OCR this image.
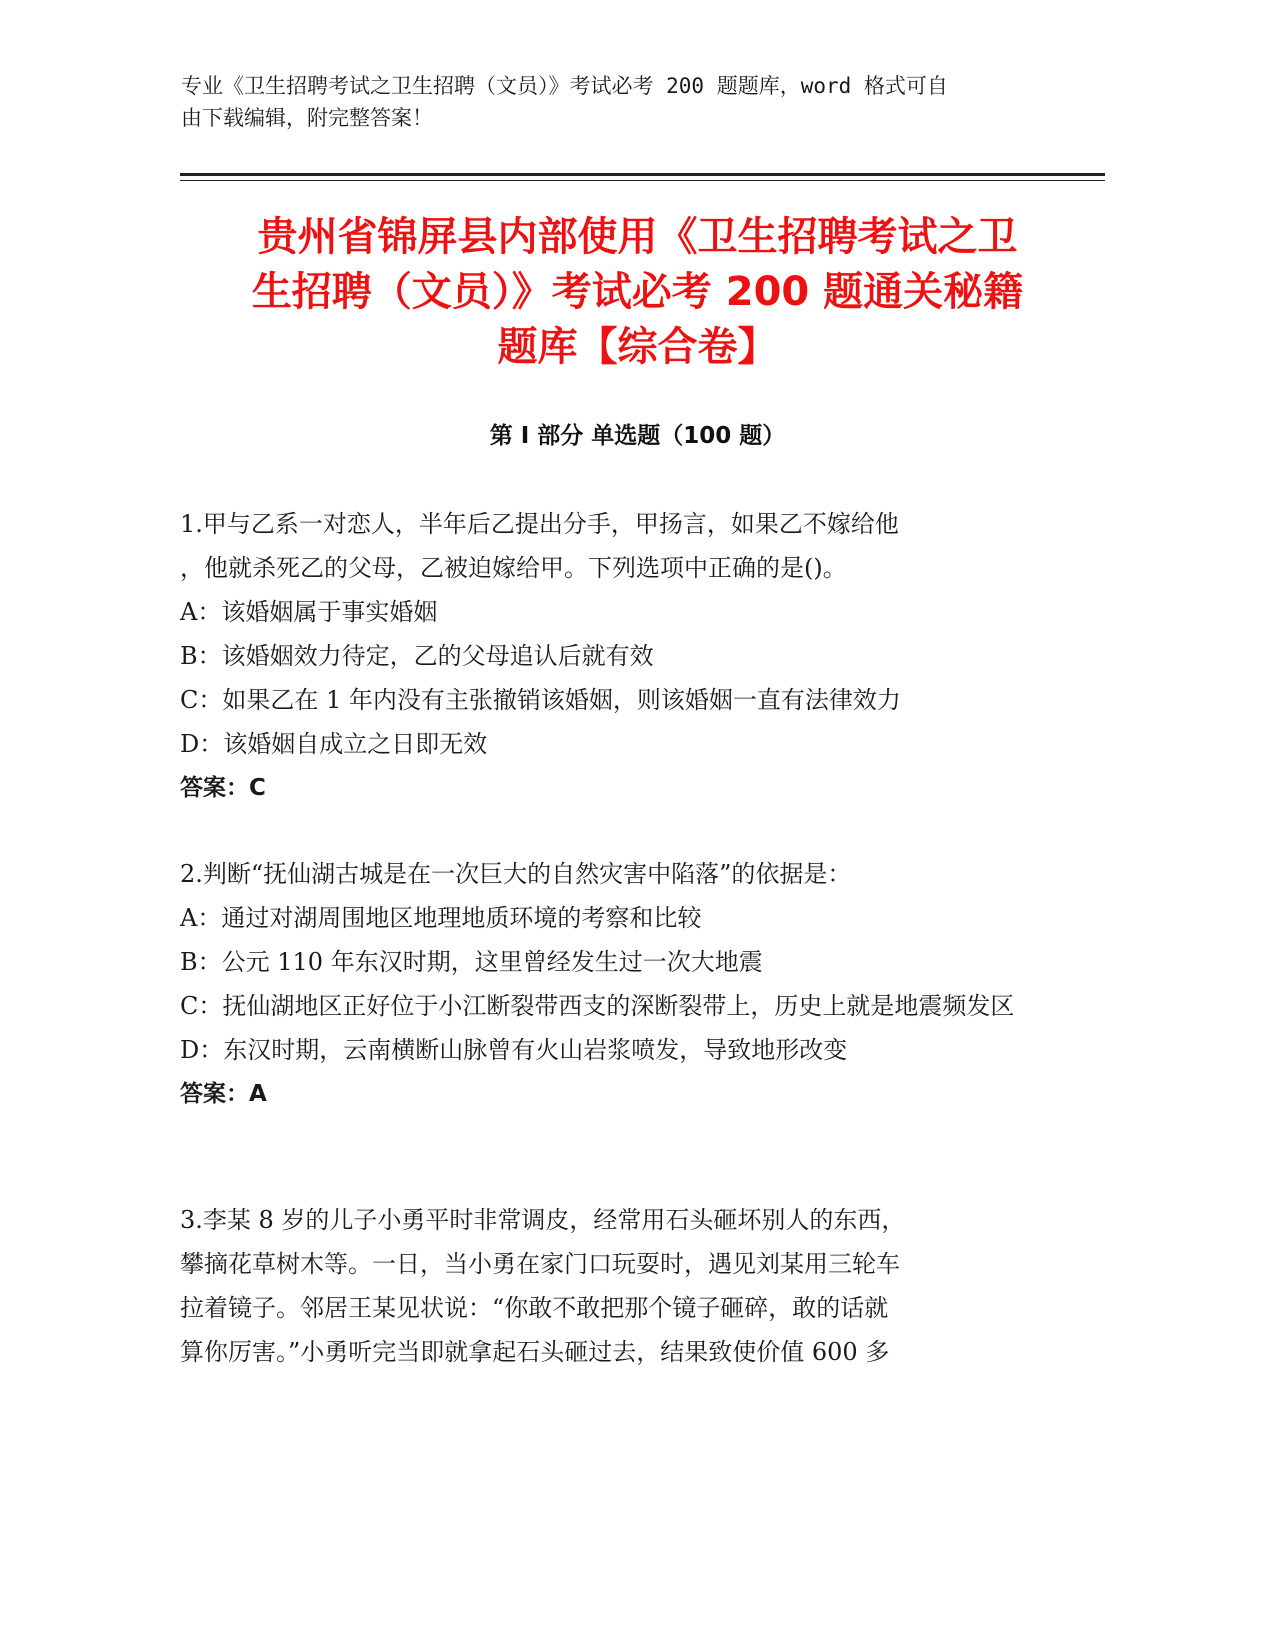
专业《卫生招聘考试之卫生招聘（文员）》考试必考 200 题题库，word 格式可自
由下载编辑，附完整答案！
贵州省锦屏县内部使用《卫生招聘考试之卫
生招聘（文员）》考试必考 200 题通关秘籍
题库【综合卷】
第 I 部分 单选题（100 题）
1.甲与乙系一对恋人，半年后乙提出分手，甲扬言，如果乙不嫁给他
，他就杀死乙的父母，乙被迫嫁给甲。下列选项中正确的是()。
A：该婚姻属于事实婚姻
B：该婚姻效力待定，乙的父母追认后就有效
C：如果乙在 1 年内没有主张撤销该婚姻，则该婚姻一直有法律效力
D：该婚姻自成立之日即无效
答案：C
2.判断“抚仙湖古城是在一次巨大的自然灾害中陷落”的依据是：
A：通过对湖周围地区地理地质环境的考察和比较
B：公元 110 年东汉时期，这里曾经发生过一次大地震
C：抚仙湖地区正好位于小江断裂带西支的深断裂带上，历史上就是地震频发区
D：东汉时期，云南横断山脉曾有火山岩浆喷发，导致地形改变
答案：A
3.李某 8 岁的儿子小勇平时非常调皮，经常用石头砸坏别人的东西，
攀摘花草树木等。一日，当小勇在家门口玩耍时，遇见刘某用三轮车
拉着镜子。邻居王某见状说：“你敢不敢把那个镜子砸碎，敢的话就
算你厉害。”小勇听完当即就拿起石头砸过去，结果致使价值 600 多
